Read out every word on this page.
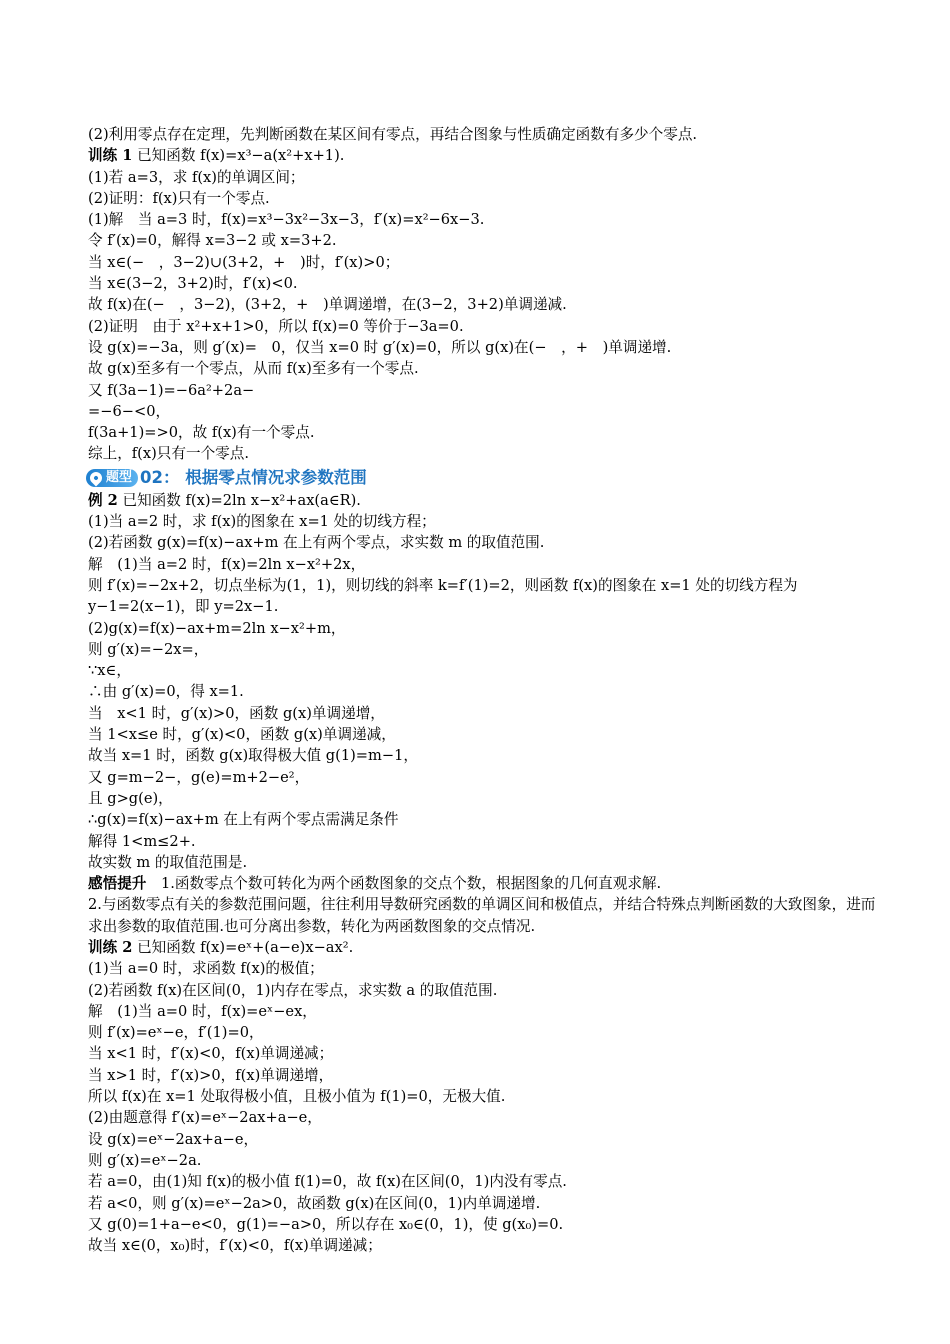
(2)利用零点存在定理，先判断函数在某区间有零点，再结合图象与性质确定函数有多少个零点.
训练 1 已知函数 f(x)=x³−a(x²+x+1).
(1)若 a=3，求 f(x)的单调区间；
(2)证明：f(x)只有一个零点.
(1)解　当 a=3 时，f(x)=x³−3x²−3x−3，f′(x)=x²−6x−3.
令 f′(x)=0，解得 x=3−2 或 x=3+2.
当 x∈(−　，3−2)∪(3+2，+　)时，f′(x)>0；
当 x∈(3−2，3+2)时，f′(x)<0.
故 f(x)在(−　，3−2)，(3+2，+　)单调递增，在(3−2，3+2)单调递减.
(2)证明　由于 x²+x+1>0，所以 f(x)=0 等价于−3a=0.
设 g(x)=−3a，则 g′(x)=　0，仅当 x=0 时 g′(x)=0，所以 g(x)在(−　，+　)单调递增.
故 g(x)至多有一个零点，从而 f(x)至多有一个零点.
又 f(3a−1)=−6a²+2a−
=−6−<0，
f(3a+1)=>0，故 f(x)有一个零点.
综上，f(x)只有一个零点.
题型 02： 根据零点情况求参数范围
例 2 已知函数 f(x)=2ln x−x²+ax(a∈R).
(1)当 a=2 时，求 f(x)的图象在 x=1 处的切线方程；
(2)若函数 g(x)=f(x)−ax+m 在上有两个零点，求实数 m 的取值范围.
解　(1)当 a=2 时，f(x)=2ln x−x²+2x，
则 f′(x)=−2x+2，切点坐标为(1，1)，则切线的斜率 k=f′(1)=2，则函数 f(x)的图象在 x=1 处的切线方程为 y−1=2(x−1)，即 y=2x−1.
(2)g(x)=f(x)−ax+m=2ln x−x²+m，
则 g′(x)=−2x=，
∵x∈，
∴由 g′(x)=0，得 x=1.
当　x<1 时，g′(x)>0，函数 g(x)单调递增，
当 1<x≤e 时，g′(x)<0，函数 g(x)单调递减，
故当 x=1 时，函数 g(x)取得极大值 g(1)=m−1，
又 g=m−2−，g(e)=m+2−e²，
且 g>g(e)，
∴g(x)=f(x)−ax+m 在上有两个零点需满足条件
解得 1<m≤2+.
故实数 m 的取值范围是.
感悟提升　1.函数零点个数可转化为两个函数图象的交点个数，根据图象的几何直观求解.
2.与函数零点有关的参数范围问题，往往利用导数研究函数的单调区间和极值点，并结合特殊点判断函数的大致图象，进而求出参数的取值范围.也可分离出参数，转化为两函数图象的交点情况.
训练 2 已知函数 f(x)=eˣ+(a−e)x−ax².
(1)当 a=0 时，求函数 f(x)的极值；
(2)若函数 f(x)在区间(0，1)内存在零点，求实数 a 的取值范围.
解　(1)当 a=0 时，f(x)=eˣ−ex，
则 f′(x)=eˣ−e，f′(1)=0，
当 x<1 时，f′(x)<0，f(x)单调递减；
当 x>1 时，f′(x)>0，f(x)单调递增，
所以 f(x)在 x=1 处取得极小值，且极小值为 f(1)=0，无极大值.
(2)由题意得 f′(x)=eˣ−2ax+a−e，
设 g(x)=eˣ−2ax+a−e，
则 g′(x)=eˣ−2a.
若 a=0，由(1)知 f(x)的极小值 f(1)=0，故 f(x)在区间(0，1)内没有零点.
若 a<0，则 g′(x)=eˣ−2a>0，故函数 g(x)在区间(0，1)内单调递增.
又 g(0)=1+a−e<0，g(1)=−a>0，所以存在 x₀∈(0，1)，使 g(x₀)=0.
故当 x∈(0，x₀)时，f′(x)<0，f(x)单调递减；
